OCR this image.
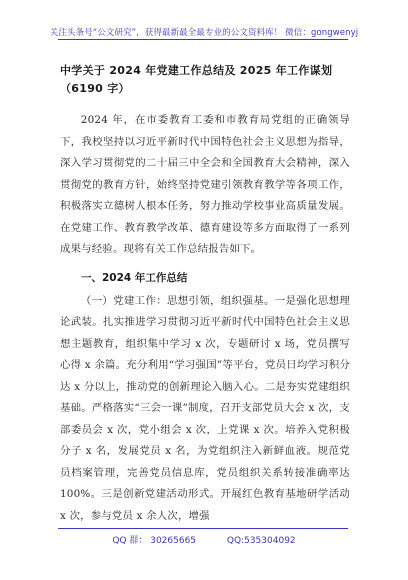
关注头条号“公文研究”，获得最新最全最专业的公文资料库！ 微信：gongwenyj
中学关于 2024 年党建工作总结及 2025 年工作谋划（6190 字）

2024 年，在市委教育工委和市教育局党组的正确领导下，我校坚持以习近平新时代中国特色社会主义思想为指导，深入学习贯彻党的二十届三中全会和全国教育大会精神，深入贯彻党的教育方针，始终坚持党建引领教育教学等各项工作，积极落实立德树人根本任务，努力推动学校事业高质量发展。在党建工作、教育教学改革、德育建设等多方面取得了一系列成果与经验。现将有关工作总结报告如下。

一、2024 年工作总结

（一）党建工作：思想引领，组织强基。一是强化思想理论武装。扎实推进学习贯彻习近平新时代中国特色社会主义思想主题教育，组织集中学习 x 次，专题研讨 x 场，党员撰写心得 x 余篇。充分利用“学习强国”等平台，党员日均学习积分达 x 分以上，推动党的创新理论入脑入心。二是夯实党建组织基础。严格落实“三会一课”制度，召开支部党员大会 x 次，支部委员会 x 次，党小组会 x 次，上党课 x 次。培养入党积极分子 x 名，发展党员 x 名，为党组织注入新鲜血液。规范党员档案管理，完善党员信息库，党员组织关系转接准确率达 100%。三是创新党建活动形式。开展红色教育基地研学活动 x 次，参与党员 x 余人次，增强

QQ 群： 30265665	QQ:535304092
